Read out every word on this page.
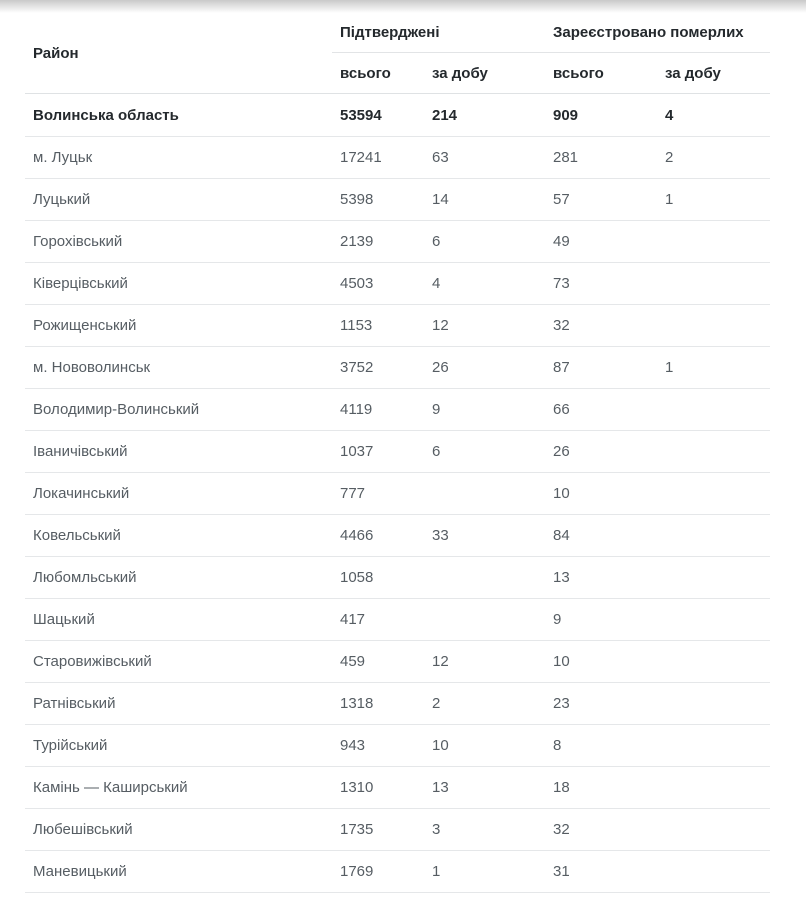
Район	Підтверджені		Зареєстровано померлих	
	всього	за добу	всього	за добу
Волинська область	53594	214	909	4
м. Луцьк	17241	63	281	2
Луцький	5398	14	57	1
Горохівський	2139	6	49	
Ківерцівський	4503	4	73	
Рожищенський	1153	12	32	
м. Нововолинськ	3752	26	87	1
Володимир-Волинський	4119	9	66	
Іваничівський	1037	6	26	
Локачинський	777		10	
Ковельський	4466	33	84	
Любомльський	1058		13	
Шацький	417		9	
Старовижівський	459	12	10	
Ратнівський	1318	2	23	
Турійський	943	10	8	
Камінь — Каширський	1310	13	18	
Любешівський	1735	3	32	
Маневицький	1769	1	31	
